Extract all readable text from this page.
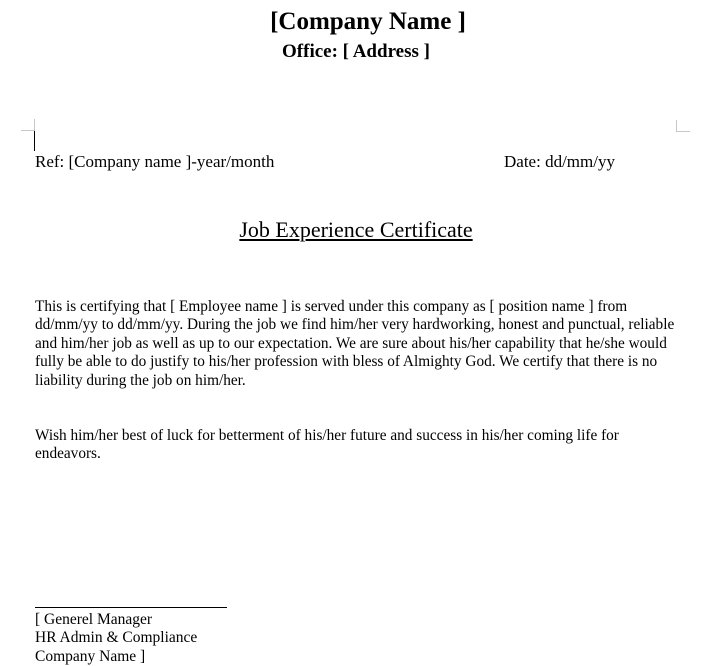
[Company Name ]
Office: [ Address ]
Ref: [Company name ]-year/month	Date: dd/mm/yy
Job Experience Certificate
This is certifying that [ Employee name ] is served under this company as [ position name ] from dd/mm/yy to dd/mm/yy. During the job we find him/her very hardworking, honest and punctual, reliable and him/her job as well as up to our expectation. We are sure about his/her capability that he/she would fully be able to do justify to his/her profession with bless of Almighty God. We certify that there is no liability during the job on him/her.
Wish him/her best of luck for betterment of his/her future and success in his/her coming life for endeavors.
[ Generel Manager
HR Admin & Compliance
Company Name ]
